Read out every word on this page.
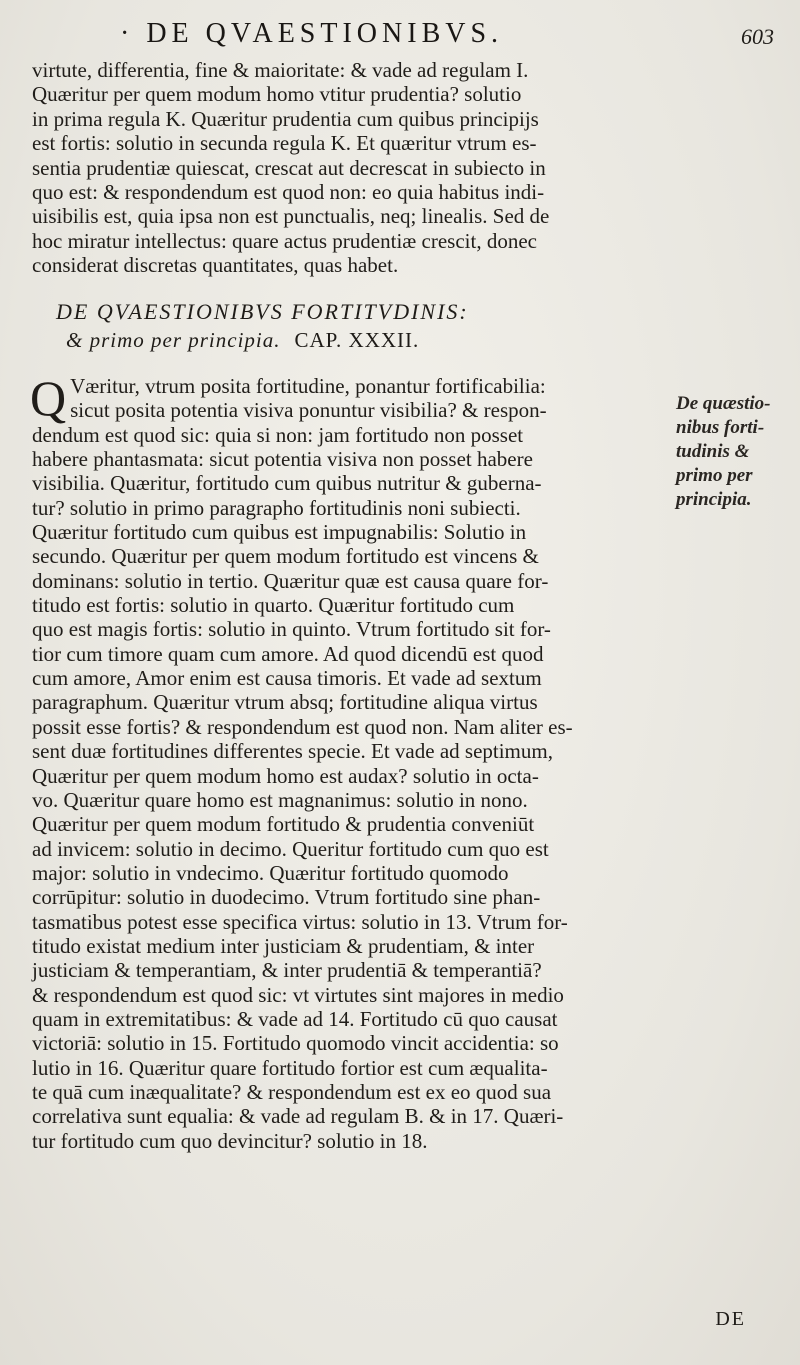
· DE QVAESTIONIBVS.	603
virtute, differentia, fine & maioritate: & vade ad regulam I.
Quæritur per quem modum homo vtitur prudentia? solutio
in prima regula K. Quæritur prudentia cum quibus principijs
est fortis: solutio in secunda regula K. Et quæritur vtrum es-
sentia prudentiæ quiescat, crescat aut decrescat in subiecto in
quo est: & respondendum est quod non: eo quia habitus indi-
uisibilis est, quia ipsa non est punctualis, neq; linealis. Sed de
hoc miratur intellectus: quare actus prudentiæ crescit, donec
considerat discretas quantitates, quas habet.
DE QVAESTIONIBVS FORTITVDINIS:
& primo per principia. CAP. XXXII.
Q Væritur, vtrum posita fortitudine, ponantur fortificabilia:
sicut posita potentia visiva ponuntur visibilia? & respon-
dendum est quod sic: quia si non: jam fortitudo non posset
habere phantasmata: sicut potentia visiva non posset habere
visibilia. Quæritur, fortitudo cum quibus nutritur & guberna-
tur? solutio in primo paragrapho fortitudinis noni subiecti.
Quæritur fortitudo cum quibus est impugnabilis: Solutio in
secundo. Quæritur per quem modum fortitudo est vincens &
dominans: solutio in tertio. Quæritur quæ est causa quare for-
titudo est fortis: solutio in quarto. Quæritur fortitudo cum
quo est magis fortis: solutio in quinto. Vtrum fortitudo sit for-
tior cum timore quam cum amore. Ad quod dicendū est quod
cum amore, Amor enim est causa timoris. Et vade ad sextum
paragraphum. Quæritur vtrum absq; fortitudine aliqua virtus
possit esse fortis? & respondendum est quod non. Nam aliter es-
sent duæ fortitudines differentes specie. Et vade ad septimum,
Quæritur per quem modum homo est audax? solutio in octa-
vo. Quæritur quare homo est magnanimus: solutio in nono.
Quæritur per quem modum fortitudo & prudentia conveniūt
ad invicem: solutio in decimo. Queritur fortitudo cum quo est
major: solutio in vndecimo. Quæritur fortitudo quomodo
corrūpitur: solutio in duodecimo. Vtrum fortitudo sine phan-
tasmatibus potest esse specifica virtus: solutio in 13. Vtrum for-
titudo existat medium inter justiciam & prudentiam, & inter
justiciam & temperantiam, & inter prudentiā & temperantiā?
& respondendum est quod sic: vt virtutes sint majores in medio
quam in extremitatibus: & vade ad 14. Fortitudo cū quo causat
victoriā: solutio in 15. Fortitudo quomodo vincit accidentia: so
lutio in 16. Quæritur quare fortitudo fortior est cum æqualita-
te quā cum inæqualitate? & respondendum est ex eo quod sua
correlativa sunt equalia: & vade ad regulam B. & in 17. Quæri-
tur fortitudo cum quo devincitur? solutio in 18.
De quæstio-
nibus forti-
tudinis &
primo per
principia.
DE
